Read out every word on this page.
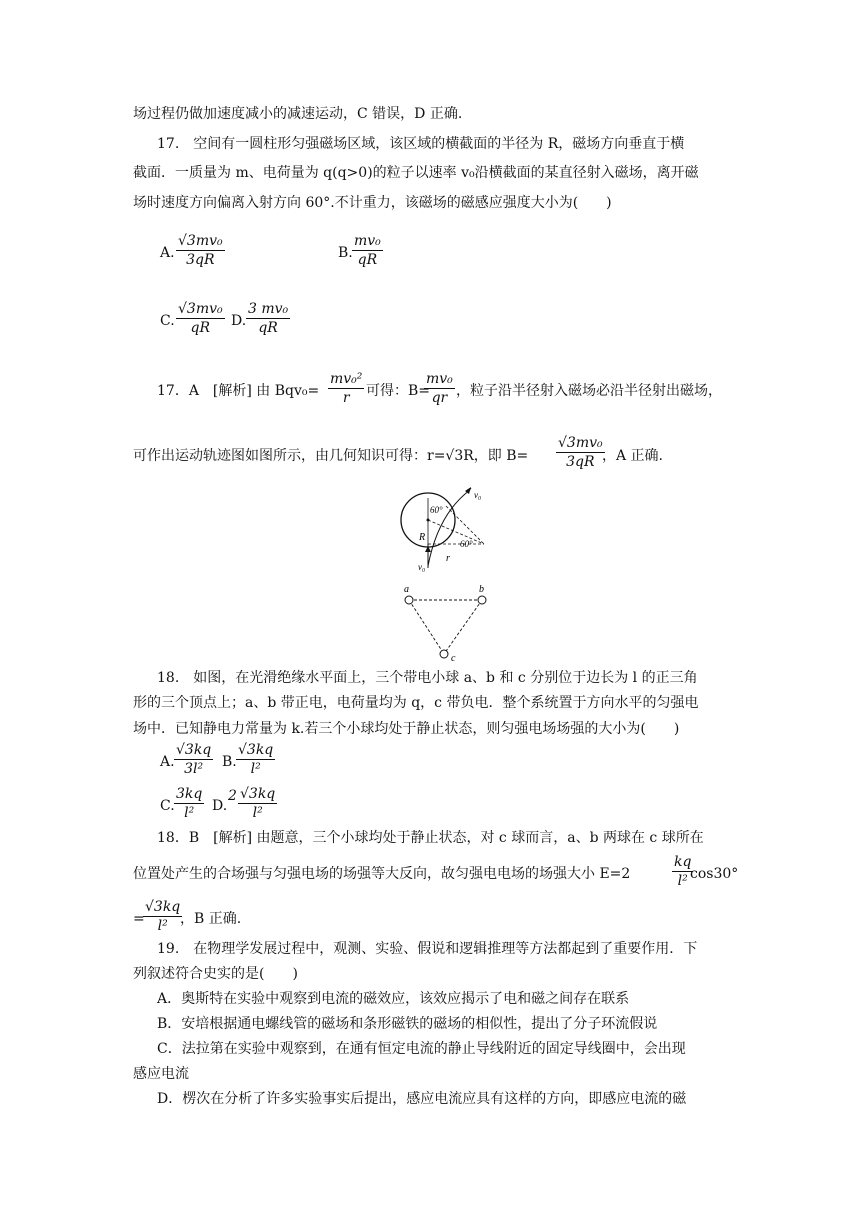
场过程仍做加速度减小的减速运动，C 错误，D 正确.
17.　空间有一圆柱形匀强磁场区域，该区域的横截面的半径为 R，磁场方向垂直于横
截面．一质量为 m、电荷量为 q(q>0)的粒子以速率 v₀沿横截面的某直径射入磁场，离开磁
场时速度方向偏离入射方向 60°.不计重力，该磁场的磁感应强度大小为(　　)
A. $\frac{\text{√3mv₀}}{3qR}$	B. $\frac{\text{mv₀}}{qR}$
C. $\frac{\text{√3mv₀}}{qR} D$. $\frac{\text{3 mv₀}}{qR}$
17．A　[解析] 由 $Bqv_0= \frac{\text{mv₀²}}{r}$ 可得：B=
$\frac{\text{mv₀}}{qr}$ ，粒子沿半径射入磁场必沿半径射出磁场，
可作出运动轨迹图如图所示，由几何知识可得：r=√3R，即 $B= \frac{\text{√3mv₀}}{3qR}$
，A 正确.
v₀
60°
60°
R
r
v₀
a	b
c
18.　如图，在光滑绝缘水平面上，三个带电小球 a、b 和 c 分别位于边长为 l 的正三角
形的三个顶点上；a、b 带正电，电荷量均为 q，c 带负电．整个系统置于方向水平的匀强电
场中．已知静电力常量为 k.若三个小球均处于静止状态，则匀强电场场强的大小为(　　)
A. $\frac{√3kq}{\text{3l²}} B$. $\frac{√3kq}{\text{l²}}$
C. $\frac{3kq}{\text{l²}} D$.
$2 \frac{√3kq}{\text{l²}}$
18．B　[解析] 由题意，三个小球均处于静止状态，对 c 球而言，a、b 两球在 c 球所在
位置处产生的合场强与匀强电场的场强等大反向，故匀强电电场的场强大小 E=2	$\frac{kq}{\text{l²}}$
cos30°
=
$\frac{√3kq}{\text{l²}}$
，B 正确.
19.　在物理学发展过程中，观测、实验、假说和逻辑推理等方法都起到了重要作用．下
列叙述符合史实的是(　　)
A．奥斯特在实验中观察到电流的磁效应，该效应揭示了电和磁之间存在联系
B．安培根据通电螺线管的磁场和条形磁铁的磁场的相似性，提出了分子环流假说
C．法拉第在实验中观察到，在通有恒定电流的静止导线附近的固定导线圈中，会出现
感应电流
D．楞次在分析了许多实验事实后提出，感应电流应具有这样的方向，即感应电流的磁
